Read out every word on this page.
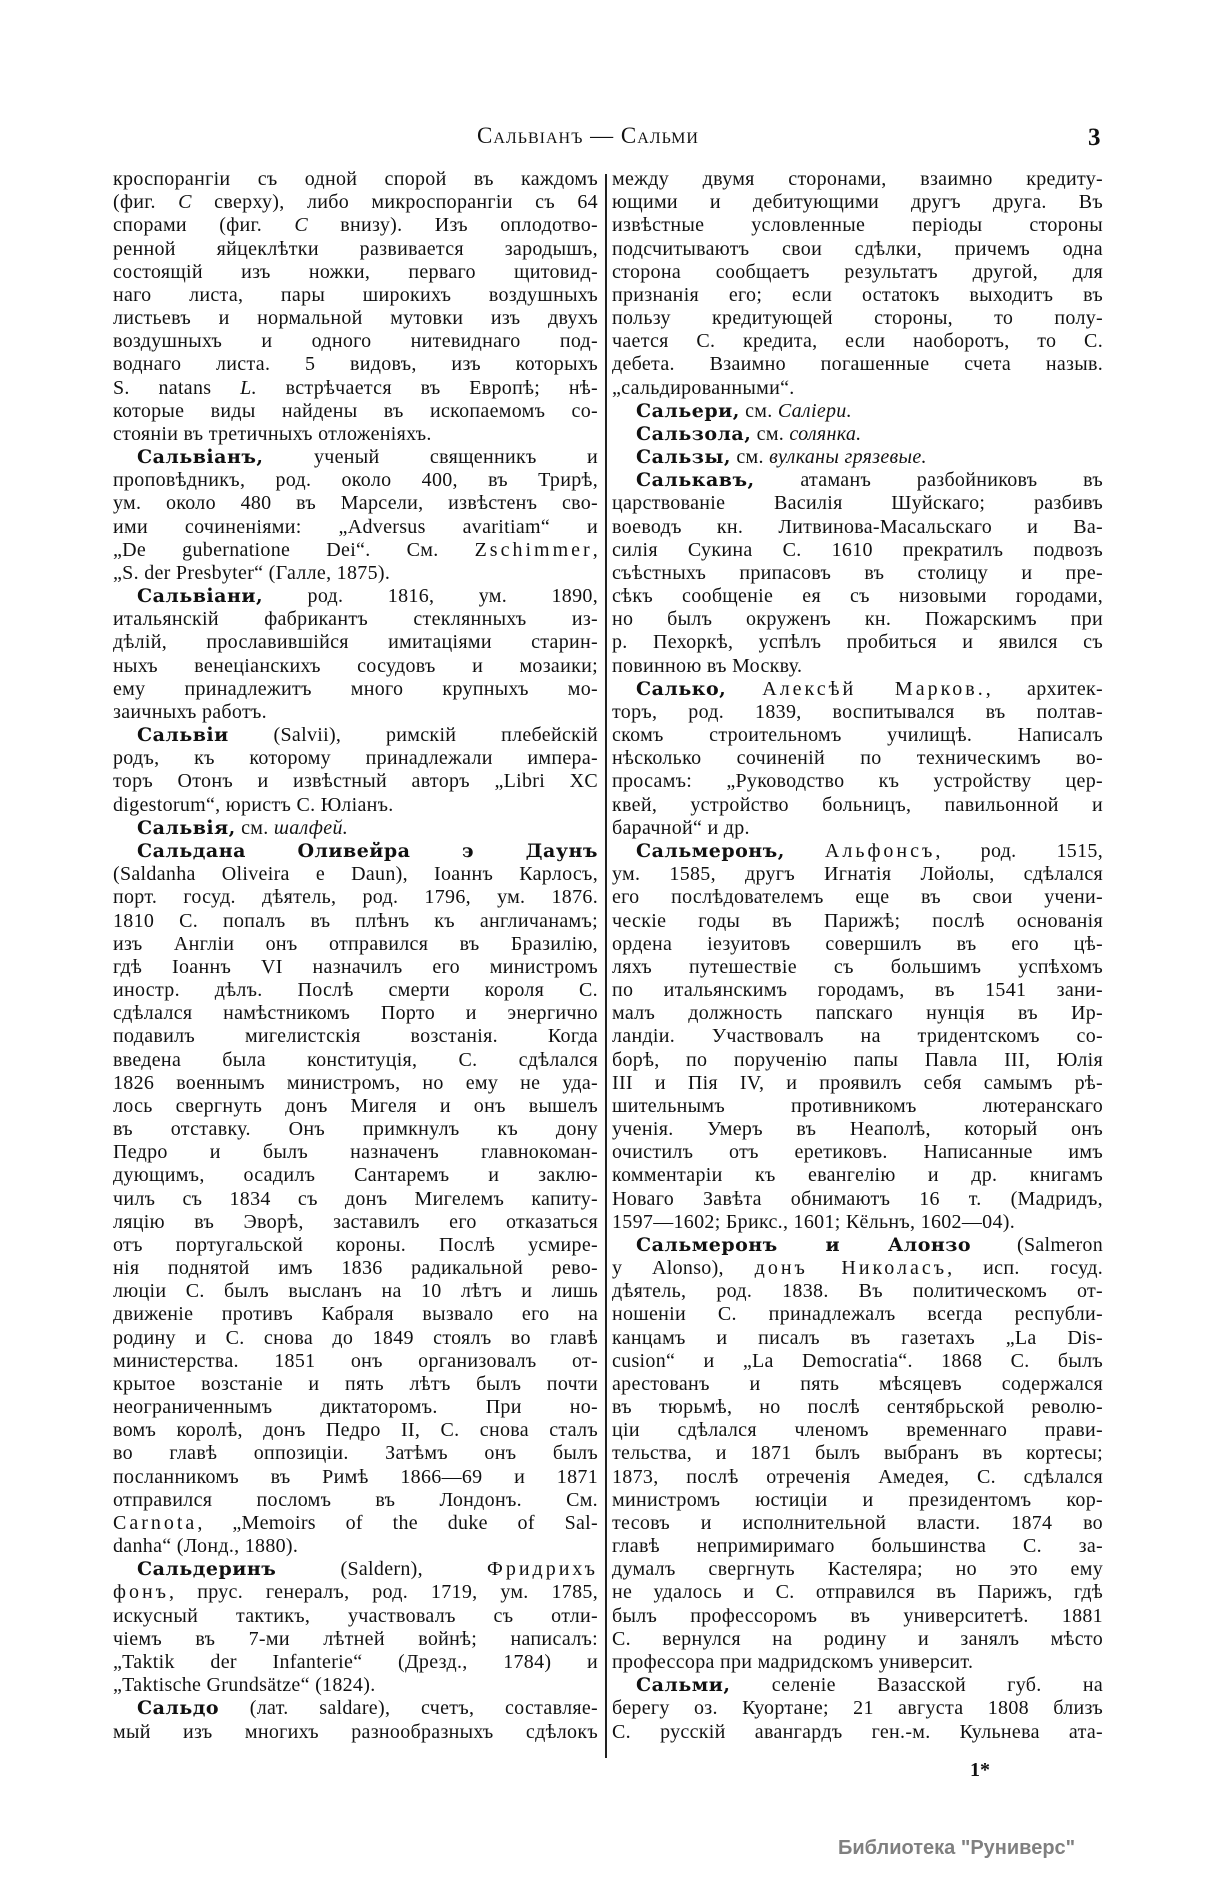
Сальвіанъ — Сальми	3
кроспорангіи съ одной спорой въ каждомъ
(фиг. C сверху), либо микроспорангіи съ 64
спорами (фиг. C внизу). Изъ оплодотво-
ренной яйцеклѣтки развивается зародышъ,
состоящій изъ ножки, перваго щитовид-
наго листа, пары широкихъ воздушныхъ
листьевъ и нормальной мутовки изъ двухъ
воздушныхъ и одного нитевиднаго под-
воднаго листа. 5 видовъ, изъ которыхъ
S. natans L. встрѣчается въ Европѣ; нѣ-
которые виды найдены въ ископаемомъ со-
стояніи въ третичныхъ отложеніяхъ.
Сальвіанъ, ученый священникъ и
проповѣдникъ, род. около 400, въ Трирѣ,
ум. около 480 въ Марсели, извѣстенъ сво-
ими сочиненіями: „Adversus avaritiam“ и
„De gubernatione Dei“. См. Zschimmer,
„S. der Presbyter“ (Галле, 1875).
Сальвіани, род. 1816, ум. 1890,
итальянскій фабрикантъ стеклянныхъ из-
дѣлій, прославившійся имитаціями старин-
ныхъ венеціанскихъ сосудовъ и мозаики;
ему принадлежитъ много крупныхъ мо-
заичныхъ работъ.
Сальвіи (Salvii), римскій плебейскій
родъ, къ которому принадлежали импера-
торъ Отонъ и извѣстный авторъ „Libri XC
digestorum“, юристъ С. Юліанъ.
Сальвія, см. шалфей.
Сальдана Оливейра э Даунъ
(Saldanha Oliveira e Daun), Іоаннъ Карлосъ,
порт. госуд. дѣятель, род. 1796, ум. 1876.
1810 С. попалъ въ плѣнъ къ англичанамъ;
изъ Англіи онъ отправился въ Бразилію,
гдѣ Іоаннъ VI назначилъ его министромъ
иностр. дѣлъ. Послѣ смерти короля С.
сдѣлался намѣстникомъ Порто и энергично
подавилъ мигелистскія возстанія. Когда
введена была конституція, С. сдѣлался
1826 военнымъ министромъ, но ему не уда-
лось свергнуть донъ Мигеля и онъ вышелъ
въ отставку. Онъ примкнулъ къ дону
Педро и былъ назначенъ главнокоман-
дующимъ, осадилъ Сантаремъ и заклю-
чилъ съ 1834 съ донъ Мигелемъ капиту-
ляцію въ Эворѣ, заставилъ его отказаться
отъ португальской короны. Послѣ усмире-
нія поднятой имъ 1836 радикальной рево-
люціи С. былъ высланъ на 10 лѣтъ и лишь
движеніе противъ Кабраля вызвало его на
родину и С. снова до 1849 стоялъ во главѣ
министерства. 1851 онъ организовалъ от-
крытое возстаніе и пять лѣтъ былъ почти
неограниченнымъ диктаторомъ. При но-
вомъ королѣ, донъ Педро II, С. снова сталъ
во главѣ оппозиціи. Затѣмъ онъ былъ
посланникомъ въ Римѣ 1866—69 и 1871
отправился посломъ въ Лондонъ. См.
Carnota, „Memoirs of the duke of Sal-
danha“ (Лонд., 1880).
Сальдеринъ (Saldern), Фридрихъ
фонъ, прус. генералъ, род. 1719, ум. 1785,
искусный тактикъ, участвовалъ съ отли-
чіемъ въ 7-ми лѣтней войнѣ; написалъ:
„Taktik der Infanterie“ (Дрезд., 1784) и
„Taktische Grundsätze“ (1824).
Сальдо (лат. saldare), счетъ, составляе-
мый изъ многихъ разнообразныхъ сдѣлокъ
между двумя сторонами, взаимно кредиту-
ющими и дебитующими другъ друга. Въ
извѣстные условленные періоды стороны
подсчитываютъ свои сдѣлки, причемъ одна
сторона сообщаетъ результатъ другой, для
признанія его; если остатокъ выходитъ въ
пользу кредитующей стороны, то полу-
чается С. кредита, если наоборотъ, то С.
дебета. Взаимно погашенные счета назыв.
„сальдированными“.
Сальери, см. Саліери.
Сальзола, см. солянка.
Сальзы, см. вулканы грязевые.
Салькавъ, атаманъ разбойниковъ въ
царствованіе Василія Шуйскаго; разбивъ
воеводъ кн. Литвинова-Масальскаго и Ва-
силія Сукина С. 1610 прекратилъ подвозъ
съѣстныхъ припасовъ въ столицу и пре-
сѣкъ сообщеніе ея съ низовыми городами,
но былъ окруженъ кн. Пожарскимъ при
р. Пехоркѣ, успѣлъ пробиться и явился съ
повинною въ Москву.
Салько, Алексѣй Марков., архитек-
торъ, род. 1839, воспитывался въ полтав-
скомъ строительномъ училищѣ. Написалъ
нѣсколько сочиненій по техническимъ во-
просамъ: „Руководство къ устройству цер-
квей, устройство больницъ, павильонной и
барачной“ и др.
Сальмеронъ, Альфонсъ, род. 1515,
ум. 1585, другъ Игнатія Лойолы, сдѣлался
его послѣдователемъ еще въ свои учени-
ческіе годы въ Парижѣ; послѣ основанія
ордена іезуитовъ совершилъ въ его цѣ-
ляхъ путешествіе съ большимъ успѣхомъ
по итальянскимъ городамъ, въ 1541 зани-
малъ должность папскаго нунція въ Ир-
ландіи. Участвовалъ на тридентскомъ со-
борѣ, по порученію папы Павла III, Юлія
III и Пія IV, и проявилъ себя самымъ рѣ-
шительнымъ противникомъ лютеранскаго
ученія. Умеръ въ Неаполѣ, который онъ
очистилъ отъ еретиковъ. Написанные имъ
комментаріи къ евангелію и др. книгамъ
Новаго Завѣта обнимаютъ 16 т. (Мадридъ,
1597—1602; Брикс., 1601; Кёльнъ, 1602—04).
Сальмеронъ и Алонзо (Salmeron
y Alonso), донъ Николасъ, исп. госуд.
дѣятель, род. 1838. Въ политическомъ от-
ношеніи С. принадлежалъ всегда республи-
канцамъ и писалъ въ газетахъ „La Dis-
cusion“ и „La Democratia“. 1868 С. былъ
арестованъ и пять мѣсяцевъ содержался
въ тюрьмѣ, но послѣ сентябрьской револю-
ціи сдѣлался членомъ временнаго прави-
тельства, и 1871 былъ выбранъ въ кортесы;
1873, послѣ отреченія Амедея, С. сдѣлался
министромъ юстиціи и президентомъ кор-
тесовъ и исполнительной власти. 1874 во
главѣ непримиримаго большинства С. за-
думалъ свергнуть Кастеляра; но это ему
не удалось и С. отправился въ Парижъ, гдѣ
былъ профессоромъ въ университетѣ. 1881
С. вернулся на родину и занялъ мѣсто
профессора при мадридскомъ университ.
Сальми, селеніе Вазасской губ. на
берегу оз. Куортане; 21 августа 1808 близъ
С. русскій авангардъ ген.-м. Кульнева ата-
1*
Библиотека "Руниверс"
